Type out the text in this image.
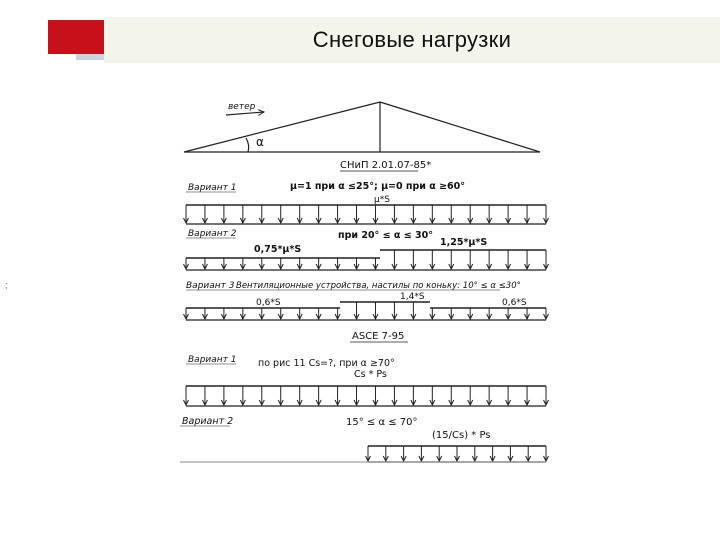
Снеговые нагрузки
;
ветер
α
СНиП 2.01.07-85*
Вариант 1	μ=1 при α ≤25°; μ=0 при α ≥60°
μ*S
Вариант 2	при 20° ≤ α ≤ 30°
0,75*μ*S
1,25*μ*S
Вариант 3 Вентиляционные устройства, настилы по коньку: 10° ≤ α ≤30°
0,6*S
1,4*S
0,6*S
ASCE 7-95
Вариант 1 по рис 11 Cs=?, при α ≥70°
Cs * Ps
Вариант 2	15° ≤ α ≤ 70°
(15/Cs) * Ps
